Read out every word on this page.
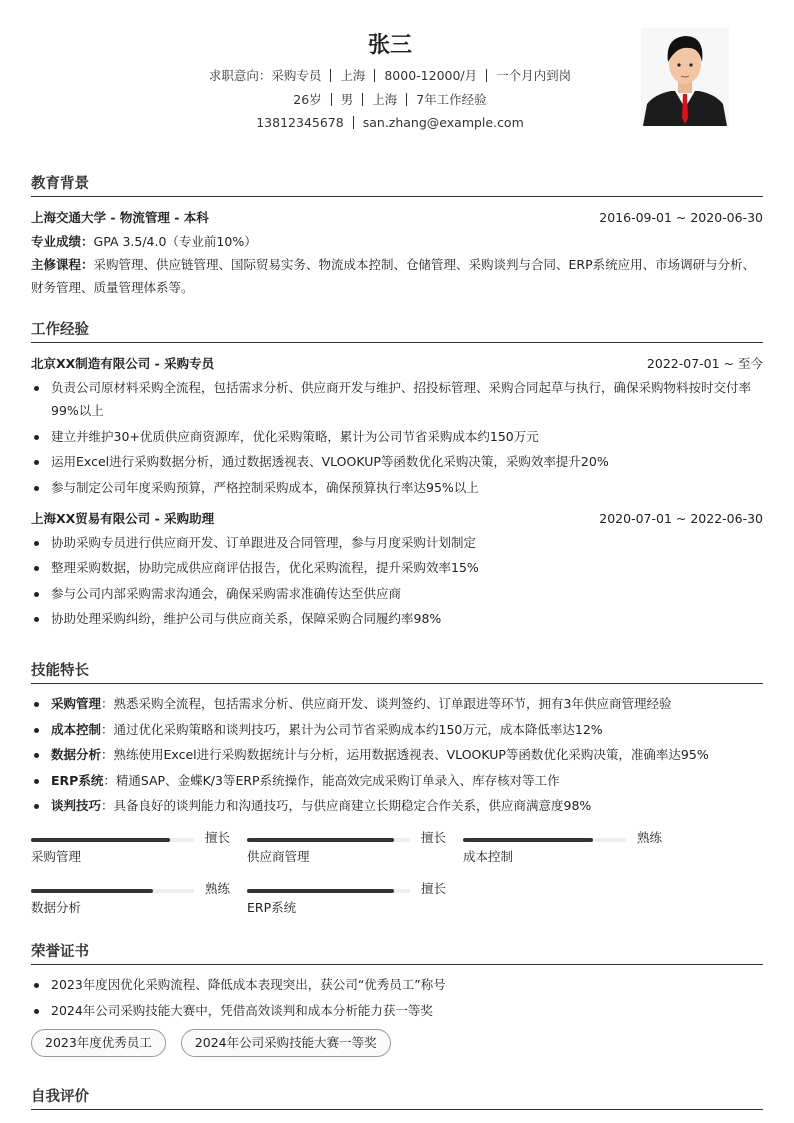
张三
求职意向：采购专员 上海 8000-12000/月 一个月内到岗
26岁 男 上海 7年工作经验
13812345678 san.zhang@example.com
教育背景
上海交通大学 - 物流管理 - 本科	2016-09-01 ~ 2020-06-30
专业成绩：GPA 3.5/4.0（专业前10%）
主修课程：采购管理、供应链管理、国际贸易实务、物流成本控制、仓储管理、采购谈判与合同、ERP系统应用、市场调研与分析、财务管理、质量管理体系等。
工作经验
北京XX制造有限公司 - 采购专员	2022-07-01 ~ 至今
负责公司原材料采购全流程，包括需求分析、供应商开发与维护、招投标管理、采购合同起草与执行，确保采购物料按时交付率99%以上
建立并维护30+优质供应商资源库，优化采购策略，累计为公司节省采购成本约150万元
运用Excel进行采购数据分析，通过数据透视表、VLOOKUP等函数优化采购决策，采购效率提升20%
参与制定公司年度采购预算，严格控制采购成本，确保预算执行率达95%以上
上海XX贸易有限公司 - 采购助理	2020-07-01 ~ 2022-06-30
协助采购专员进行供应商开发、订单跟进及合同管理，参与月度采购计划制定
整理采购数据，协助完成供应商评估报告，优化采购流程，提升采购效率15%
参与公司内部采购需求沟通会，确保采购需求准确传达至供应商
协助处理采购纠纷，维护公司与供应商关系，保障采购合同履约率98%
技能特长
采购管理：熟悉采购全流程，包括需求分析、供应商开发、谈判签约、订单跟进等环节，拥有3年供应商管理经验
成本控制：通过优化采购策略和谈判技巧，累计为公司节省采购成本约150万元，成本降低率达12%
数据分析：熟练使用Excel进行采购数据统计与分析，运用数据透视表、VLOOKUP等函数优化采购决策，准确率达95%
ERP系统：精通SAP、金蝶K/3等ERP系统操作，能高效完成采购订单录入、库存核对等工作
谈判技巧：具备良好的谈判能力和沟通技巧，与供应商建立长期稳定合作关系，供应商满意度98%
擅长
采购管理
擅长
供应商管理
熟练
成本控制
熟练
数据分析
擅长
ERP系统
荣誉证书
2023年度因优化采购流程、降低成本表现突出，获公司“优秀员工”称号
2024年公司采购技能大赛中，凭借高效谈判和成本分析能力获一等奖
2023年度优秀员工	2024年公司采购技能大赛一等奖
自我评价
